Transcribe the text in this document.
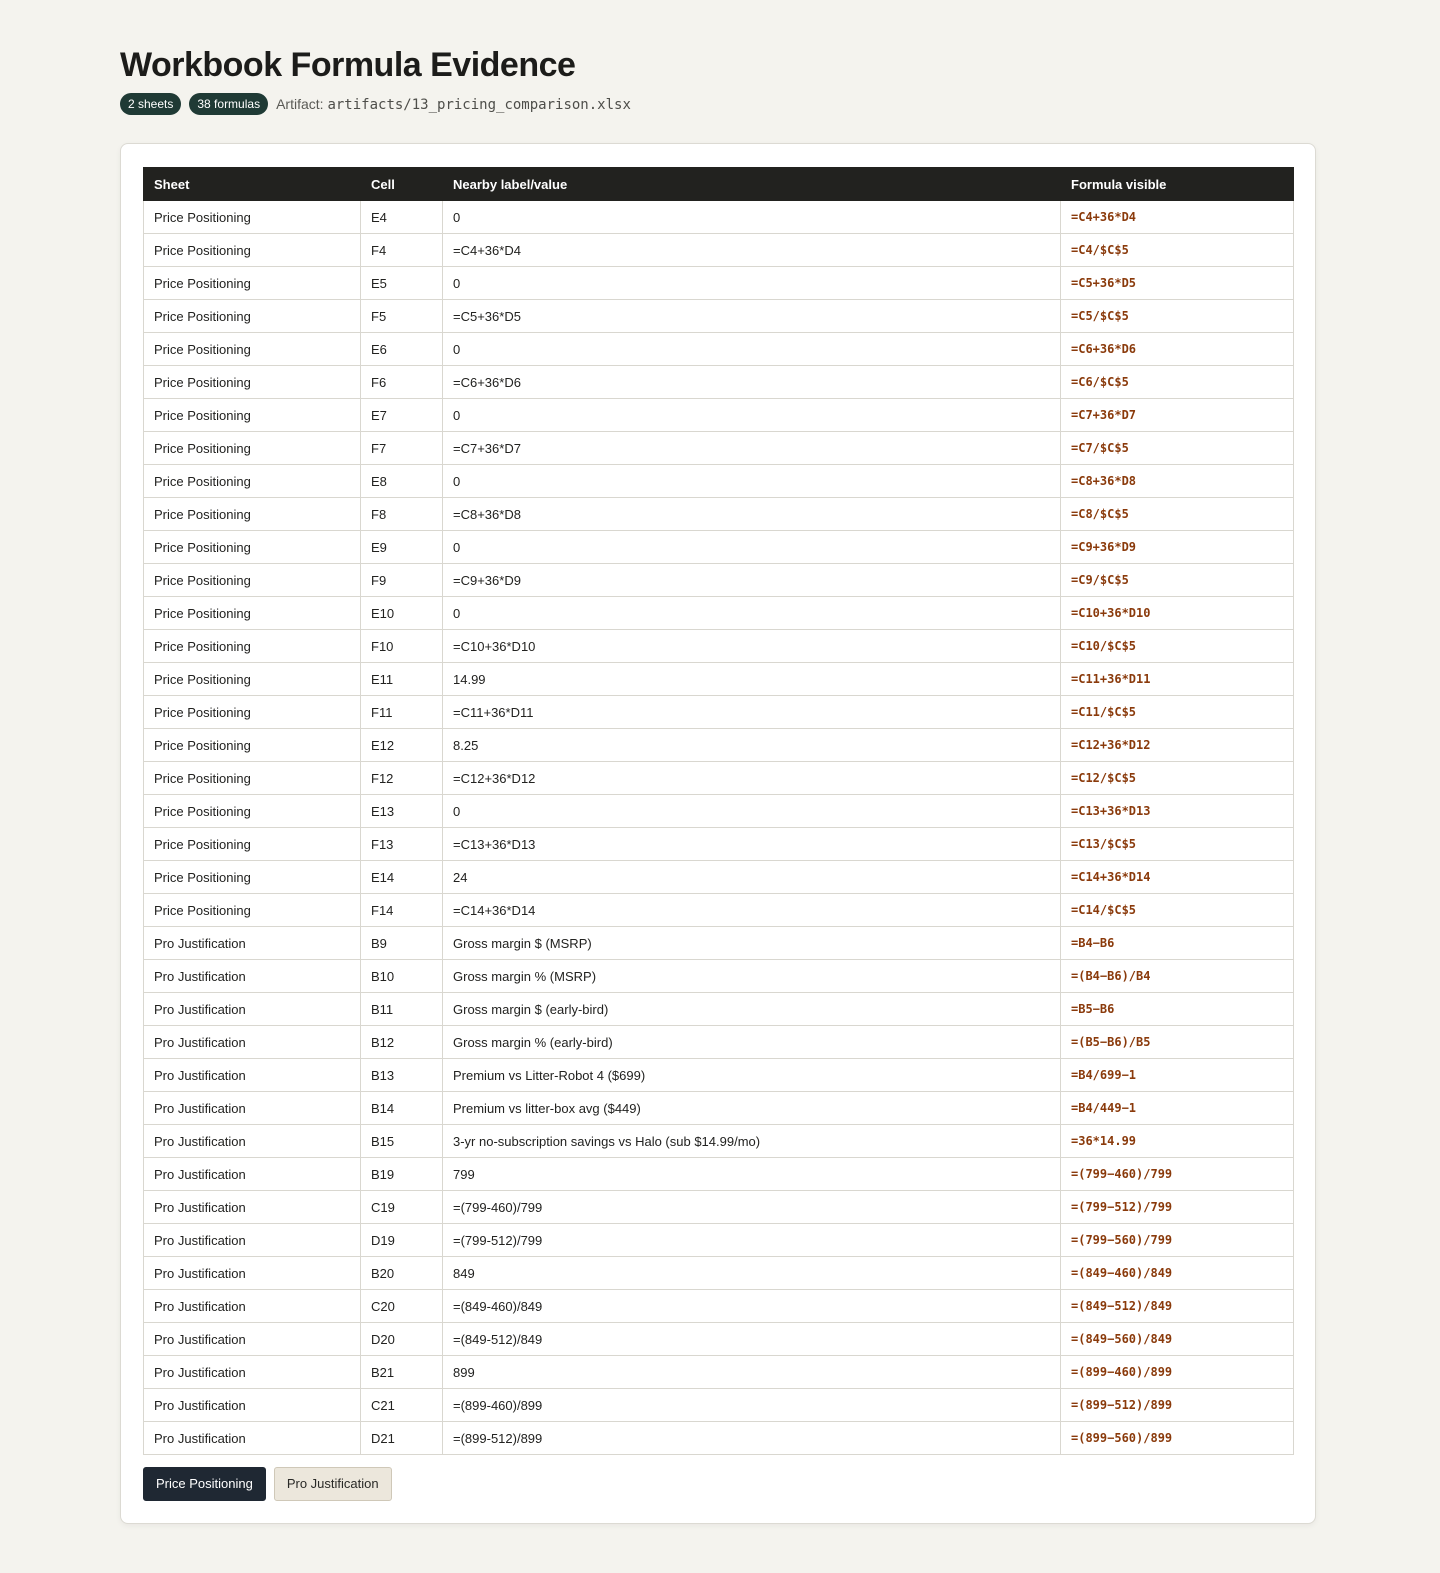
Workbook Formula Evidence
2 sheets	38 formulas	Artifact: artifacts/13_pricing_comparison.xlsx
Sheet	Cell	Nearby label/value	Formula visible
Price Positioning	E4	0	=C4+36*D4
Price Positioning	F4	=C4+36*D4	=C4/$C$5
Price Positioning	E5	0	=C5+36*D5
Price Positioning	F5	=C5+36*D5	=C5/$C$5
Price Positioning	E6	0	=C6+36*D6
Price Positioning	F6	=C6+36*D6	=C6/$C$5
Price Positioning	E7	0	=C7+36*D7
Price Positioning	F7	=C7+36*D7	=C7/$C$5
Price Positioning	E8	0	=C8+36*D8
Price Positioning	F8	=C8+36*D8	=C8/$C$5
Price Positioning	E9	0	=C9+36*D9
Price Positioning	F9	=C9+36*D9	=C9/$C$5
Price Positioning	E10	0	=C10+36*D10
Price Positioning	F10	=C10+36*D10	=C10/$C$5
Price Positioning	E11	14.99	=C11+36*D11
Price Positioning	F11	=C11+36*D11	=C11/$C$5
Price Positioning	E12	8.25	=C12+36*D12
Price Positioning	F12	=C12+36*D12	=C12/$C$5
Price Positioning	E13	0	=C13+36*D13
Price Positioning	F13	=C13+36*D13	=C13/$C$5
Price Positioning	E14	24	=C14+36*D14
Price Positioning	F14	=C14+36*D14	=C14/$C$5
Pro Justification	B9	Gross margin $ (MSRP)	=B4−B6
Pro Justification	B10	Gross margin % (MSRP)	=(B4−B6)/B4
Pro Justification	B11	Gross margin $ (early-bird)	=B5−B6
Pro Justification	B12	Gross margin % (early-bird)	=(B5−B6)/B5
Pro Justification	B13	Premium vs Litter-Robot 4 ($699)	=B4/699−1
Pro Justification	B14	Premium vs litter-box avg ($449)	=B4/449−1
Pro Justification	B15	3-yr no-subscription savings vs Halo (sub $14.99/mo)	=36*14.99
Pro Justification	B19	799	=(799−460)/799
Pro Justification	C19	=(799-460)/799	=(799−512)/799
Pro Justification	D19	=(799-512)/799	=(799−560)/799
Pro Justification	B20	849	=(849−460)/849
Pro Justification	C20	=(849-460)/849	=(849−512)/849
Pro Justification	D20	=(849-512)/849	=(849−560)/849
Pro Justification	B21	899	=(899−460)/899
Pro Justification	C21	=(899-460)/899	=(899−512)/899
Pro Justification	D21	=(899-512)/899	=(899−560)/899
Price Positioning	Pro Justification
